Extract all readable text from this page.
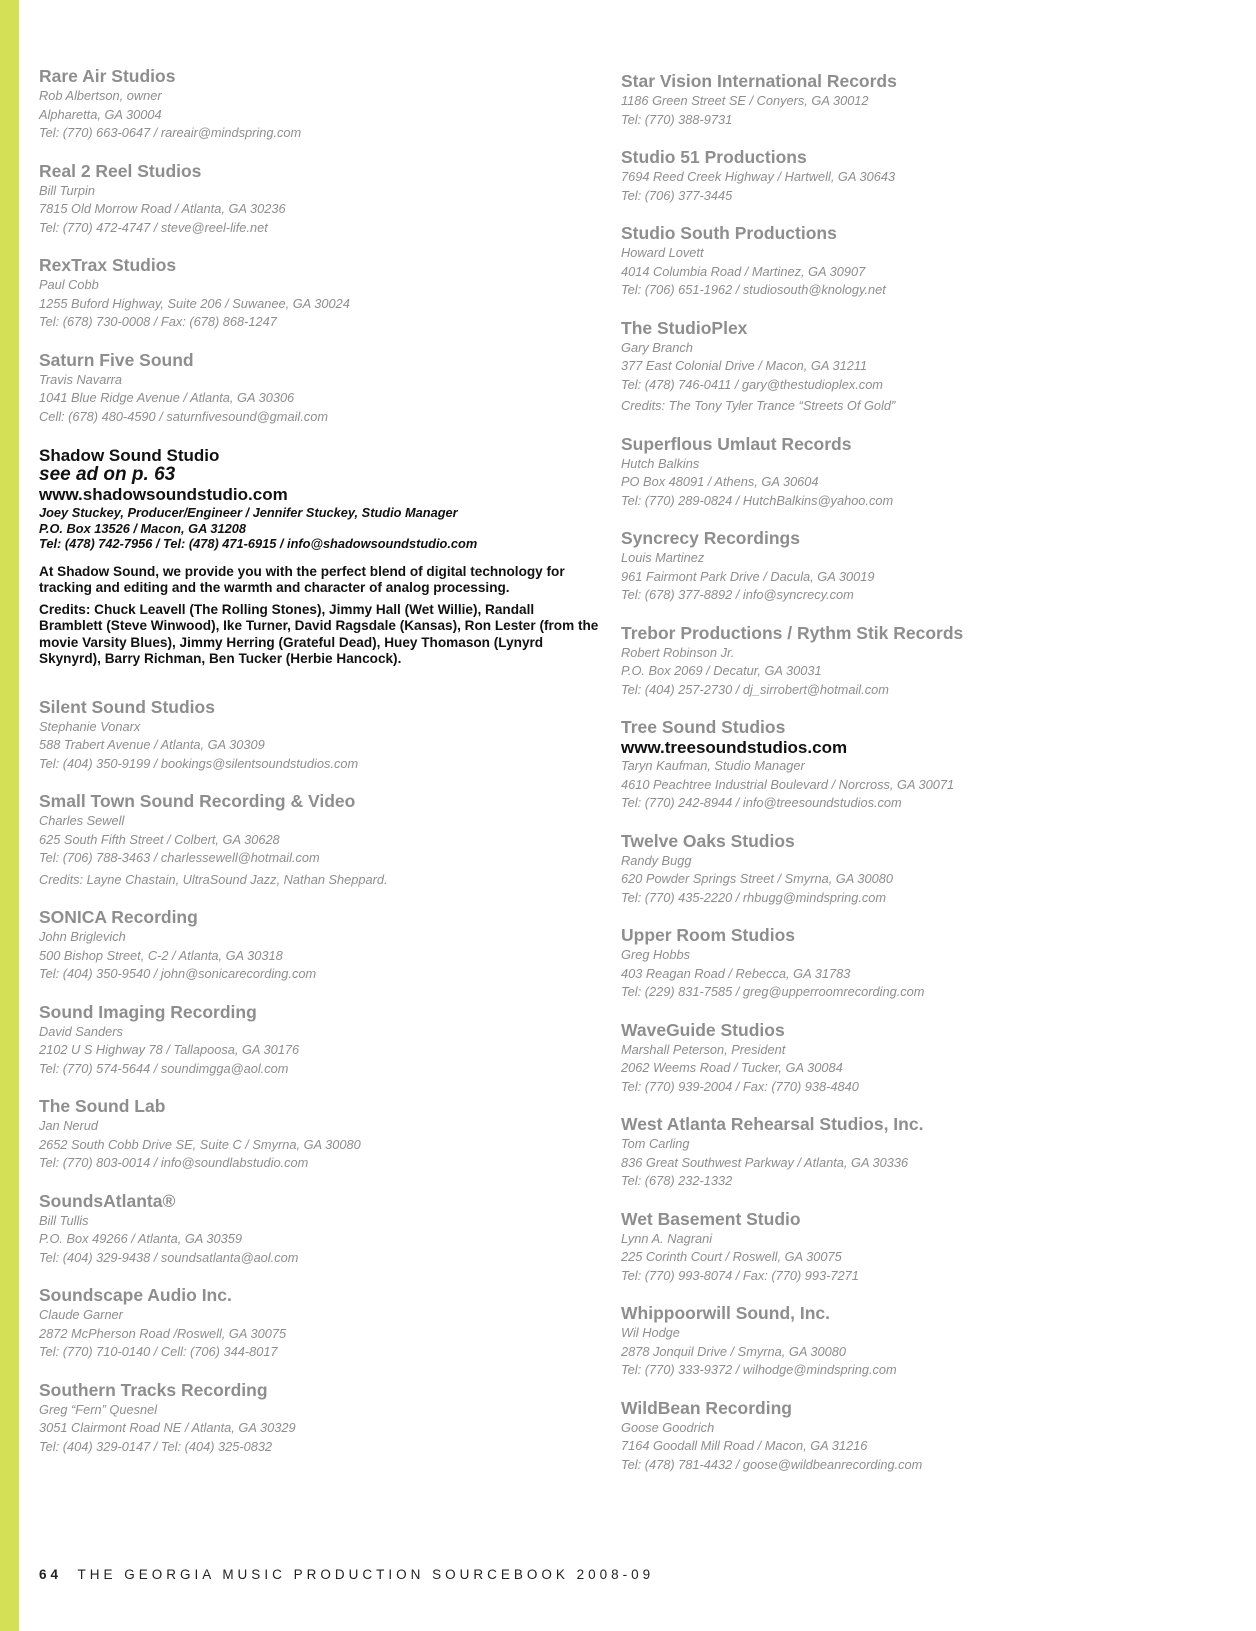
Rare Air Studios
Rob Albertson, owner
Alpharetta, GA 30004
Tel: (770) 663-0647 / rareair@mindspring.com
Real 2 Reel Studios
Bill Turpin
7815 Old Morrow Road / Atlanta, GA 30236
Tel: (770) 472-4747 / steve@reel-life.net
RexTrax Studios
Paul Cobb
1255 Buford Highway, Suite 206 / Suwanee, GA 30024
Tel: (678) 730-0008 / Fax: (678) 868-1247
Saturn Five Sound
Travis Navarra
1041 Blue Ridge Avenue / Atlanta, GA 30306
Cell: (678) 480-4590 / saturnfivesound@gmail.com
Shadow Sound Studio
see ad on p. 63
www.shadowsoundstudio.com
Joey Stuckey, Producer/Engineer / Jennifer Stuckey, Studio Manager
P.O. Box 13526 / Macon, GA 31208
Tel: (478) 742-7956 / Tel: (478) 471-6915 / info@shadowsoundstudio.com
At Shadow Sound, we provide you with the perfect blend of digital technology for tracking and editing and the warmth and character of analog processing.
Credits: Chuck Leavell (The Rolling Stones), Jimmy Hall (Wet Willie), Randall Bramblett (Steve Winwood), Ike Turner, David Ragsdale (Kansas), Ron Lester (from the movie Varsity Blues), Jimmy Herring (Grateful Dead), Huey Thomason (Lynyrd Skynyrd), Barry Richman, Ben Tucker (Herbie Hancock).
Silent Sound Studios
Stephanie Vonarx
588 Trabert Avenue / Atlanta, GA 30309
Tel: (404) 350-9199 / bookings@silentsoundstudios.com
Small Town Sound Recording & Video
Charles Sewell
625 South Fifth Street / Colbert, GA 30628
Tel: (706) 788-3463 / charlessewell@hotmail.com
Credits: Layne Chastain, UltraSound Jazz, Nathan Sheppard.
SONICA Recording
John Briglevich
500 Bishop Street, C-2 / Atlanta, GA 30318
Tel: (404) 350-9540 / john@sonicarecording.com
Sound Imaging Recording
David Sanders
2102 U S Highway 78 / Tallapoosa, GA 30176
Tel: (770) 574-5644 / soundimgga@aol.com
The Sound Lab
Jan Nerud
2652 South Cobb Drive SE, Suite C / Smyrna, GA 30080
Tel: (770) 803-0014 / info@soundlabstudio.com
SoundsAtlanta®
Bill Tullis
P.O. Box 49266 / Atlanta, GA 30359
Tel: (404) 329-9438 / soundsatlanta@aol.com
Soundscape Audio Inc.
Claude Garner
2872 McPherson Road /Roswell, GA 30075
Tel: (770) 710-0140 / Cell: (706) 344-8017
Southern Tracks Recording
Greg “Fern” Quesnel
3051 Clairmont Road NE / Atlanta, GA 30329
Tel: (404) 329-0147 / Tel: (404) 325-0832
Star Vision International Records
1186 Green Street SE / Conyers, GA 30012
Tel: (770) 388-9731
Studio 51 Productions
7694 Reed Creek Highway / Hartwell, GA 30643
Tel: (706) 377-3445
Studio South Productions
Howard Lovett
4014 Columbia Road / Martinez, GA 30907
Tel: (706) 651-1962 / studiosouth@knology.net
The StudioPlex
Gary Branch
377 East Colonial Drive / Macon, GA 31211
Tel: (478) 746-0411 / gary@thestudioplex.com
Credits: The Tony Tyler Trance “Streets Of Gold”
Superflous Umlaut Records
Hutch Balkins
PO Box 48091 / Athens, GA 30604
Tel: (770) 289-0824 / HutchBalkins@yahoo.com
Syncrecy Recordings
Louis Martinez
961 Fairmont Park Drive / Dacula, GA 30019
Tel: (678) 377-8892 / info@syncrecy.com
Trebor Productions / Rythm Stik Records
Robert Robinson Jr.
P.O. Box 2069 / Decatur, GA 30031
Tel: (404) 257-2730 / dj_sirrobert@hotmail.com
Tree Sound Studios
www.treesoundstudios.com
Taryn Kaufman, Studio Manager
4610 Peachtree Industrial Boulevard / Norcross, GA 30071
Tel: (770) 242-8944 / info@treesoundstudios.com
Twelve Oaks Studios
Randy Bugg
620 Powder Springs Street / Smyrna, GA 30080
Tel: (770) 435-2220 / rhbugg@mindspring.com
Upper Room Studios
Greg Hobbs
403 Reagan Road / Rebecca, GA 31783
Tel: (229) 831-7585 / greg@upperroomrecording.com
WaveGuide Studios
Marshall Peterson, President
2062 Weems Road / Tucker, GA 30084
Tel: (770) 939-2004 / Fax: (770) 938-4840
West Atlanta Rehearsal Studios, Inc.
Tom Carling
836 Great Southwest Parkway / Atlanta, GA 30336
Tel: (678) 232-1332
Wet Basement Studio
Lynn A. Nagrani
225 Corinth Court / Roswell, GA 30075
Tel: (770) 993-8074 / Fax: (770) 993-7271
Whippoorwill Sound, Inc.
Wil Hodge
2878 Jonquil Drive / Smyrna, GA 30080
Tel: (770) 333-9372 / wilhodge@mindspring.com
WildBean Recording
Goose Goodrich
7164 Goodall Mill Road / Macon, GA 31216
Tel: (478) 781-4432 / goose@wildbeanrecording.com
64 THE GEORGIA MUSIC PRODUCTION SOURCEBOOK 2008-09
